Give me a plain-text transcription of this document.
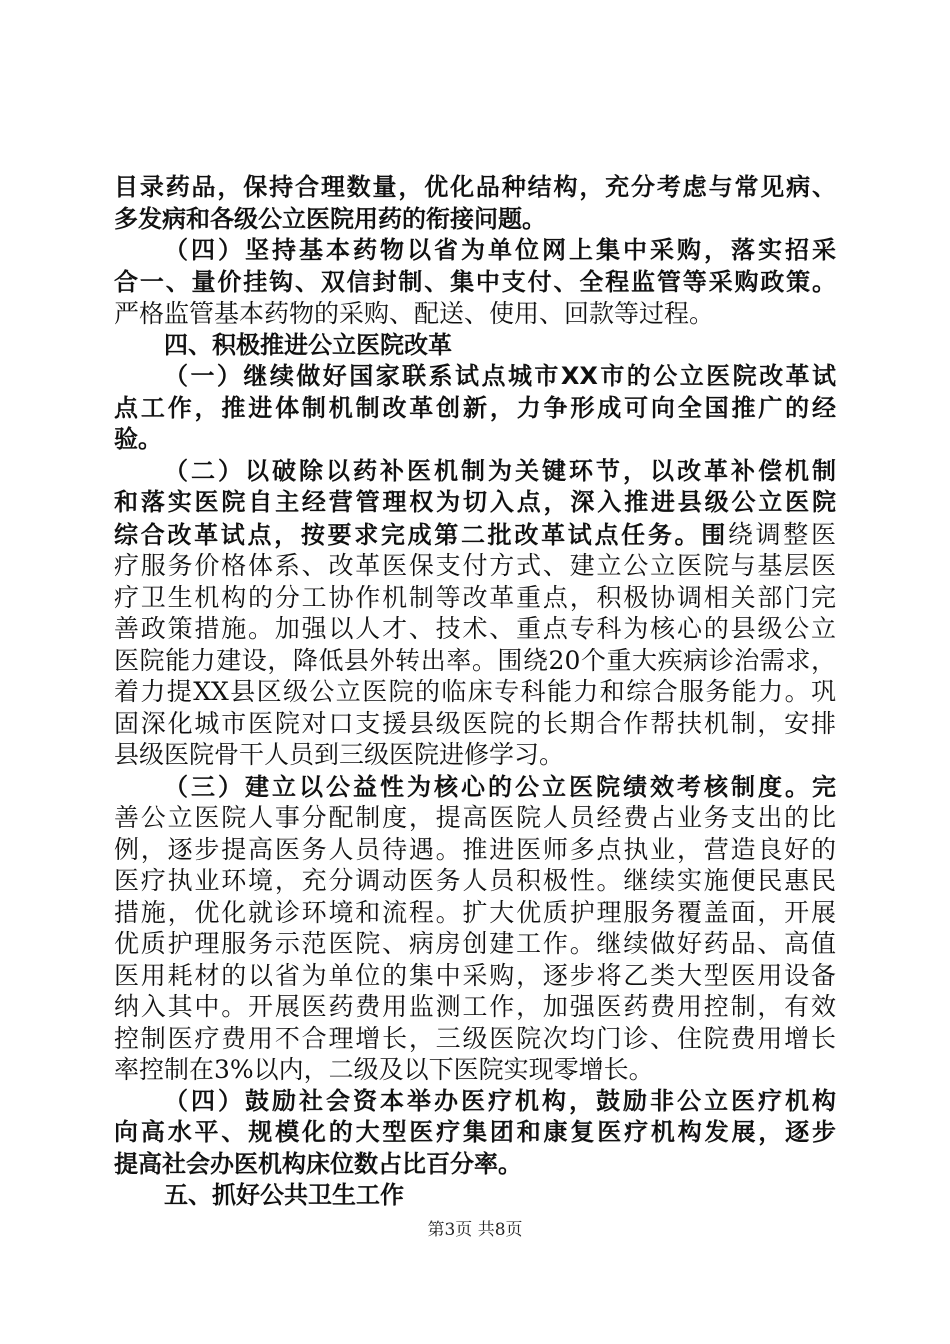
目录药品，保持合理数量，优化品种结构，充分考虑与常见病、
多发病和各级公立医院用药的衔接问题。
（四）坚持基本药物以省为单位网上集中采购，落实招采
合一、量价挂钩、双信封制、集中支付、全程监管等采购政策。
严格监管基本药物的采购、配送、使用、回款等过程。
四、积极推进公立医院改革
（一）继续做好国家联系试点城市XX市的公立医院改革试
点工作，推进体制机制改革创新，力争形成可向全国推广的经
验。
（二）以破除以药补医机制为关键环节，以改革补偿机制
和落实医院自主经营管理权为切入点，深入推进县级公立医院
综合改革试点，按要求完成第二批改革试点任务。围绕调整医
疗服务价格体系、改革医保支付方式、建立公立医院与基层医
疗卫生机构的分工协作机制等改革重点，积极协调相关部门完
善政策措施。加强以人才、技术、重点专科为核心的县级公立
医院能力建设，降低县外转出率。围绕20个重大疾病诊治需求，
着力提XX县区级公立医院的临床专科能力和综合服务能力。巩
固深化城市医院对口支援县级医院的长期合作帮扶机制，安排
县级医院骨干人员到三级医院进修学习。
（三）建立以公益性为核心的公立医院绩效考核制度。完
善公立医院人事分配制度，提高医院人员经费占业务支出的比
例，逐步提高医务人员待遇。推进医师多点执业，营造良好的
医疗执业环境，充分调动医务人员积极性。继续实施便民惠民
措施，优化就诊环境和流程。扩大优质护理服务覆盖面，开展
优质护理服务示范医院、病房创建工作。继续做好药品、高值
医用耗材的以省为单位的集中采购，逐步将乙类大型医用设备
纳入其中。开展医药费用监测工作，加强医药费用控制，有效
控制医疗费用不合理增长，三级医院次均门诊、住院费用增长
率控制在3%以内，二级及以下医院实现零增长。
（四）鼓励社会资本举办医疗机构，鼓励非公立医疗机构
向高水平、规模化的大型医疗集团和康复医疗机构发展，逐步
提高社会办医机构床位数占比百分率。
五、抓好公共卫生工作
第3页 共8页
